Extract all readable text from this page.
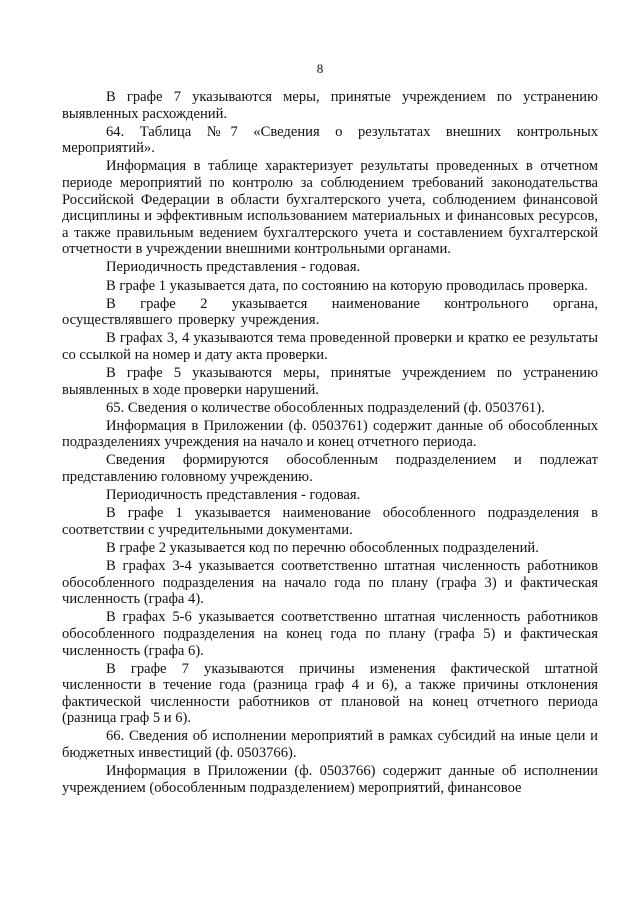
8

В графе 7 указываются меры, принятые учреждением по устранению выявленных расхождений.

64. Таблица №7 «Сведения о результатах внешних контрольных мероприятий».

Информация в таблице характеризует результаты проведенных в отчетном периоде мероприятий по контролю за соблюдением требований законодательства Российской Федерации в области бухгалтерского учета, соблюдением финансовой дисциплины и эффективным использованием материальных и финансовых ресурсов, а также правильным ведением бухгалтерского учета и составлением бухгалтерской отчетности в учреждении внешними контрольными органами.

Периодичность представления - годовая.

В графе 1 указывается дата, по состоянию на которую проводилась проверка.

В графе 2 указывается наименование контрольного органа, осуществлявшего проверку учреждения.

В графах 3, 4 указываются тема проведенной проверки и кратко ее результаты со ссылкой на номер и дату акта проверки.

В графе 5 указываются меры, принятые учреждением по устранению выявленных в ходе проверки нарушений.

65. Сведения о количестве обособленных подразделений (ф. 0503761).

Информация в Приложении (ф. 0503761) содержит данные об обособленных подразделениях учреждения на начало и конец отчетного периода.

Сведения формируются обособленным подразделением и подлежат представлению головному учреждению.

Периодичность представления - годовая.

В графе 1 указывается наименование обособленного подразделения в соответствии с учредительными документами.

В графе 2 указывается код по перечню обособленных подразделений.

В графах 3-4 указывается соответственно штатная численность работников обособленного подразделения на начало года по плану (графа 3) и фактическая численность (графа 4).

В графах 5-6 указывается соответственно штатная численность работников обособленного подразделения на конец года по плану (графа 5) и фактическая численность (графа 6).

В графе 7 указываются причины изменения фактической штатной численности в течение года (разница граф 4 и 6), а также причины отклонения фактической численности работников от плановой на конец отчетного периода (разница граф 5 и 6).

66. Сведения об исполнении мероприятий в рамках субсидий на иные цели и бюджетных инвестиций (ф. 0503766).

Информация в Приложении (ф. 0503766) содержит данные об исполнении учреждением (обособленным подразделением) мероприятий, финансовое
